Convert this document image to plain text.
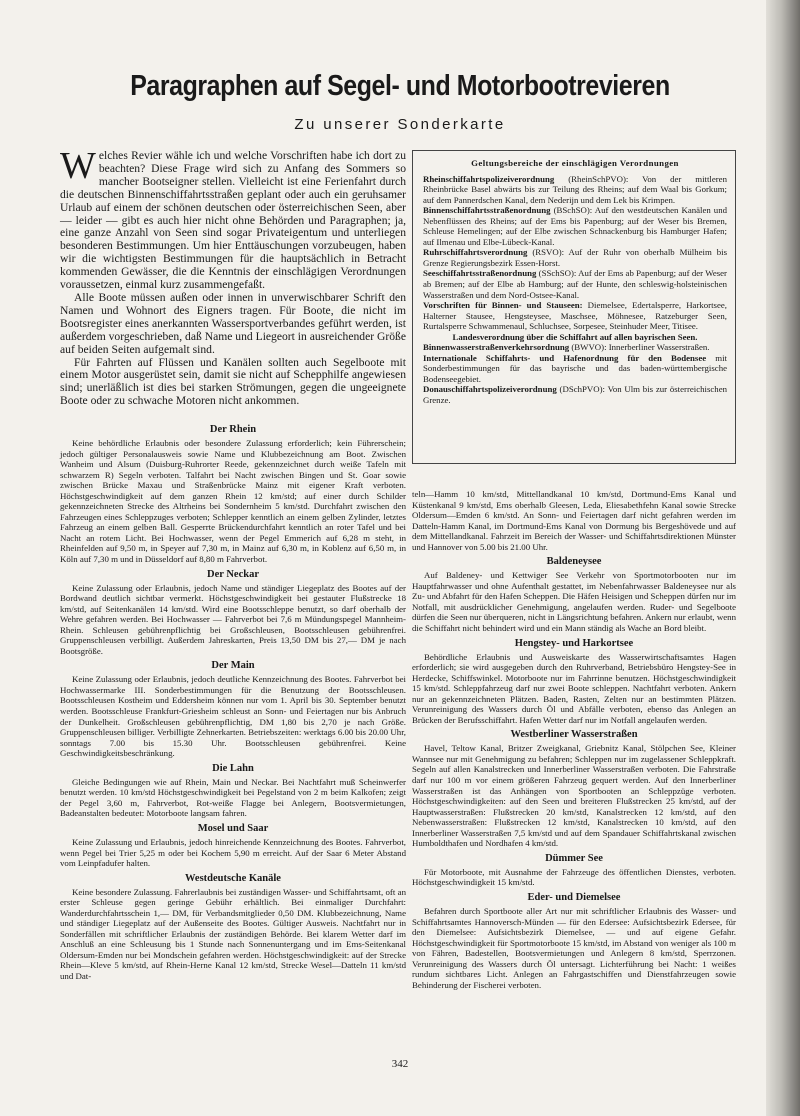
Paragraphen auf Segel- und Motorbootrevieren
Zu unserer Sonderkarte

Welches Revier wähle ich und welche Vorschriften habe ich dort zu beachten? Diese Frage wird sich zu Anfang des Sommers so mancher Bootseigner stellen. Vielleicht ist eine Ferienfahrt durch die deutschen Binnenschiffahrtsstraßen geplant oder auch ein geruhsamer Urlaub auf einem der schönen deutschen oder österreichischen Seen, aber — leider — gibt es auch hier nicht ohne Behörden und Paragraphen; ja, eine ganze Anzahl von Seen sind sogar Privateigentum und unterliegen besonderen Bestimmungen. Um hier Enttäuschungen vorzubeugen, haben wir die wichtigsten Bestimmungen für die hauptsächlich in Betracht kommenden Gewässer, die die Kenntnis der einschlägigen Verordnungen voraussetzen, einmal kurz zusammengefaßt.

Alle Boote müssen außen oder innen in unverwischbarer Schrift den Namen und Wohnort des Eigners tragen. Für Boote, die nicht im Bootsregister eines anerkannten Wassersportverbandes geführt werden, ist außerdem vorgeschrieben, daß Name und Liegeort in ausreichender Größe auf beiden Seiten aufgemalt sind.

Für Fahrten auf Flüssen und Kanälen sollten auch Segelboote mit einem Motor ausgerüstet sein, damit sie nicht auf Schepphilfe angewiesen sind; unerläßlich ist dies bei starken Strömungen, gegen die ungeeignete Boote oder zu schwache Motoren nicht ankommen.

Geltungsbereiche der einschlägigen Verordnungen

Rheinschiffahrtspolizeiverordnung (RheinSchPVO): Von der mittleren Rheinbrücke Basel abwärts bis zur Teilung des Rheins; auf dem Waal bis Gorkum; auf dem Pannerdschen Kanal, dem Nederijn und dem Lek bis Krimpen.

Binnenschiffahrtsstraßenordnung (BSchSO): Auf den westdeutschen Kanälen und Nebenflüssen des Rheins; auf der Ems bis Papenburg; auf der Weser bis Bremen, Schleuse Hemelingen; auf der Elbe zwischen Schnackenburg bis Hamburger Hafen; auf Ilmenau und Elbe-Lübeck-Kanal.

Ruhrschiffahrtsverordnung (RSVO): Auf der Ruhr von oberhalb Mülheim bis Grenze Regierungsbezirk Essen-Horst.

Seeschiffahrtsstraßenordnung (SSchSO): Auf der Ems ab Papenburg; auf der Weser ab Bremen; auf der Elbe ab Hamburg; auf der Hunte, den schleswig-holsteinischen Wasserstraßen und dem Nord-Ostsee-Kanal.

Vorschriften für Binnen- und Stauseen: Diemelsee, Edertalsperre, Harkortsee, Halterner Stausee, Hengsteysee, Maschsee, Möhnesee, Ratzeburger Seen, Rurtalsperre Schwammenaul, Schluchsee, Sorpesee, Steinhuder Meer, Titisee.

Landesverordnung über die Schiffahrt auf allen bayrischen Seen.

Binnenwasserstraßenverkehrsordnung (BWVO): Innerberliner Wasserstraßen.

Internationale Schiffahrts- und Hafenordnung für den Bodensee mit Sonderbestimmungen für das bayrische und das baden-württembergische Bodenseegebiet.

Donauschiffahrtspolizeiverordnung (DSchPVO): Von Ulm bis zur österreichischen Grenze.

Der Rhein

Keine behördliche Erlaubnis oder besondere Zulassung erforderlich; kein Führerschein; jedoch gültiger Personalausweis sowie Name und Klubbezeichnung am Boot. Zwischen Wanheim und Alsum (Duisburg-Ruhrorter Reede, gekennzeichnet durch weiße Tafeln mit schwarzem R) Segeln verboten. Talfahrt bei Nacht zwischen Bingen und St. Goar sowie zwischen Brücke Maxau und Straßenbrücke Mainz mit eigener Kraft verboten. Höchstgeschwindigkeit auf dem ganzen Rhein 12 km/std; auf einer durch Schilder gekennzeichneten Strecke des Altrheins bei Sondernheim 5 km/std. Durchfahrt zwischen den Fahrzeugen eines Schleppzuges verboten; Schlepper kenntlich an einem gelben Zylinder, letztes Fahrzeug an einem gelben Ball. Gesperrte Brückendurchfahrt kenntlich an roter Tafel und bei Nacht an rotem Licht. Bei Hochwasser, wenn der Pegel Emmerich auf 6,28 m steht, in Rheinfelden auf 9,50 m, in Speyer auf 7,30 m, in Mainz auf 6,30 m, in Koblenz auf 6,50 m, in Köln auf 7,30 m und in Düsseldorf auf 8,80 m Fahrverbot.

Der Neckar

Keine Zulassung oder Erlaubnis, jedoch Name und ständiger Liegeplatz des Bootes auf der Bordwand deutlich sichtbar vermerkt. Höchstgeschwindigkeit bei gestauter Flußstrecke 18 km/std, auf Seitenkanälen 14 km/std. Wird eine Bootsschleppe benutzt, so darf oberhalb der Wehre gefahren werden. Bei Hochwasser — Fahrverbot bei 7,6 m Mündungspegel Mannheim-Rhein. Schleusen gebührenpflichtig bei Großschleusen, Bootsschleusen gebührenfrei. Gruppenschleusen verbilligt. Außerdem Jahreskarten, Preis 13,50 DM bis 27,— DM je nach Bootsgröße.

Der Main

Keine Zulassung oder Erlaubnis, jedoch deutliche Kennzeichnung des Bootes. Fahrverbot bei Hochwassermarke III. Sonderbestimmungen für die Benutzung der Bootsschleusen. Bootsschleusen Kostheim und Eddersheim können nur vom 1. April bis 30. September benutzt werden. Bootsschleuse Frankfurt-Griesheim schleust an Sonn- und Feiertagen nur bis Anbruch der Dunkelheit. Großschleusen gebührenpflichtig, DM 1,80 bis 2,70 je nach Größe. Gruppenschleusen billiger. Verbilligte Zehnerkarten. Betriebszeiten: werktags 6.00 bis 20.00 Uhr, sonntags 7.00 bis 15.30 Uhr. Bootsschleusen gebührenfrei. Keine Geschwindigkeitsbeschränkung.

Die Lahn

Gleiche Bedingungen wie auf Rhein, Main und Neckar. Bei Nachtfahrt muß Scheinwerfer benutzt werden. 10 km/std Höchstgeschwindigkeit bei Pegelstand von 2 m beim Kalkofen; zeigt der Pegel 3,60 m, Fahrverbot, Rot-weiße Flagge bei Anlegern, Bootsvermietungen, Badeanstalten bedeutet: Motorboote langsam fahren.

Mosel und Saar

Keine Zulassung und Erlaubnis, jedoch hinreichende Kennzeichnung des Bootes. Fahrverbot, wenn Pegel bei Trier 5,25 m oder bei Kochem 5,90 m erreicht. Auf der Saar 6 Meter Abstand vom Leinpfadufer halten.

Westdeutsche Kanäle

Keine besondere Zulassung. Fahrerlaubnis bei zuständigen Wasser- und Schiffahrtsamt, oft an erster Schleuse gegen geringe Gebühr erhältlich. Bei einmaliger Durchfahrt: Wanderdurchfahrtsschein 1,— DM, für Verbandsmitglieder 0,50 DM. Klubbezeichnung, Name und ständiger Liegeplatz auf der Außenseite des Bootes. Gültiger Ausweis. Nachtfahrt nur in Sonderfällen mit schriftlicher Erlaubnis der zuständigen Behörde. Bei klarem Wetter darf im Anschluß an eine Schleusung bis 1 Stunde nach Sonnenuntergang und im Ems-Seitenkanal Oldersum-Emden nur bei Mondschein gefahren werden. Höchstgeschwindigkeit: auf der Strecke Rhein—Kleve 5 km/std, auf Rhein-Herne Kanal 12 km/std, Strecke Wesel—Datteln 11 km/std und Dat-

teln—Hamm 10 km/std, Mittellandkanal 10 km/std, Dortmund-Ems Kanal und Küstenkanal 9 km/std, Ems oberhalb Gleesen, Leda, Eliesabethfehn Kanal sowie Strecke Oldersum—Emden 6 km/std. An Sonn- und Feiertagen darf nicht gefahren werden im Datteln-Hamm Kanal, im Dortmund-Ems Kanal von Dormung bis Bergeshövede und auf dem Mittellandkanal. Fahrzeit im Bereich der Wasser- und Schiffahrtsdirektionen Münster und Hannover von 5.00 bis 21.00 Uhr.

Baldeneysee

Auf Baldeney- und Kettwiger See Verkehr von Sportmotorbooten nur im Hauptfahrwasser und ohne Aufenthalt gestattet, im Nebenfahrwasser Baldeneysee nur als Zu- und Abfahrt für den Hafen Scheppen. Die Häfen Heisigen und Scheppen dürfen nur im Notfall, mit ausdrücklicher Genehmigung, angelaufen werden. Ruder- und Segelboote dürfen die Seen nur überqueren, nicht in Längsrichtung befahren. Ankern nur erlaubt, wenn die Schiffahrt nicht behindert wird und ein Mann ständig als Wache an Bord bleibt.

Hengstey- und Harkortsee

Behördliche Erlaubnis und Ausweiskarte des Wasserwirtschaftsamtes Hagen erforderlich; sie wird ausgegeben durch den Ruhrverband, Betriebsbüro Hengstey-See in Herdecke, Schiffswinkel. Motorboote nur im Fahrrinne benutzen. Höchstgeschwindigkeit 15 km/std. Schleppfahrzeug darf nur zwei Boote schleppen. Nachtfahrt verboten. Ankern nur an gekennzeichneten Plätzen. Baden, Rasten, Zelten nur an bestimmten Plätzen. Verunreinigung des Wassers durch Öl und Abfälle verboten, ebenso das Anlegen an Brücken der Berufsschiffahrt. Hafen Wetter darf nur im Notfall angelaufen werden.

Westberliner Wasserstraßen

Havel, Teltow Kanal, Britzer Zweigkanal, Griebnitz Kanal, Stölpchen See, Kleiner Wannsee nur mit Genehmigung zu befahren; Schleppen nur im zugelassener Schleppkraft. Segeln auf allen Kanalstrecken und Innerberliner Wasserstraßen verboten. Die Fahrstraße darf nur 100 m vor einem größeren Fahrzeug gequert werden. Auf den Innerberliner Wasserstraßen ist das Anhängen von Sportbooten an Schleppzüge verboten. Höchstgeschwindigkeiten: auf den Seen und breiteren Flußstrecken 25 km/std, auf der Hauptwasserstraßen: Flußstrecken 20 km/std, Kanalstrecken 12 km/std, auf den Nebenwasserstraßen: Flußstrecken 12 km/std, Kanalstrecken 10 km/std, auf den Innerberliner Wasserstraßen 7,5 km/std und auf dem Spandauer Schiffahrtskanal zwischen Humboldthafen und Nordhafen 4 km/std.

Dümmer See

Für Motorboote, mit Ausnahme der Fahrzeuge des öffentlichen Dienstes, verboten. Höchstgeschwindigkeit 15 km/std.

Eder- und Diemelsee

Befahren durch Sportboote aller Art nur mit schriftlicher Erlaubnis des Wasser- und Schiffahrtsamtes Hannoversch-Münden — für den Edersee: Aufsichtsbezirk Edersee, für den Diemelsee: Aufsichtsbezirk Diemelsee, — und auf eigene Gefahr. Höchstgeschwindigkeit für Sportmotorboote 15 km/std, im Abstand von weniger als 100 m von Fähren, Badestellen, Bootsvermietungen und Anlegern 8 km/std, Sperrzonen. Verunreinigung des Wassers durch Öl untersagt. Lichterführung bei Nacht: 1 weißes rundum sichtbares Licht. Anlegen an Fahrgastschiffen und Dienstfahrzeugen sowie Behinderung der Fischerei verboten.

342
